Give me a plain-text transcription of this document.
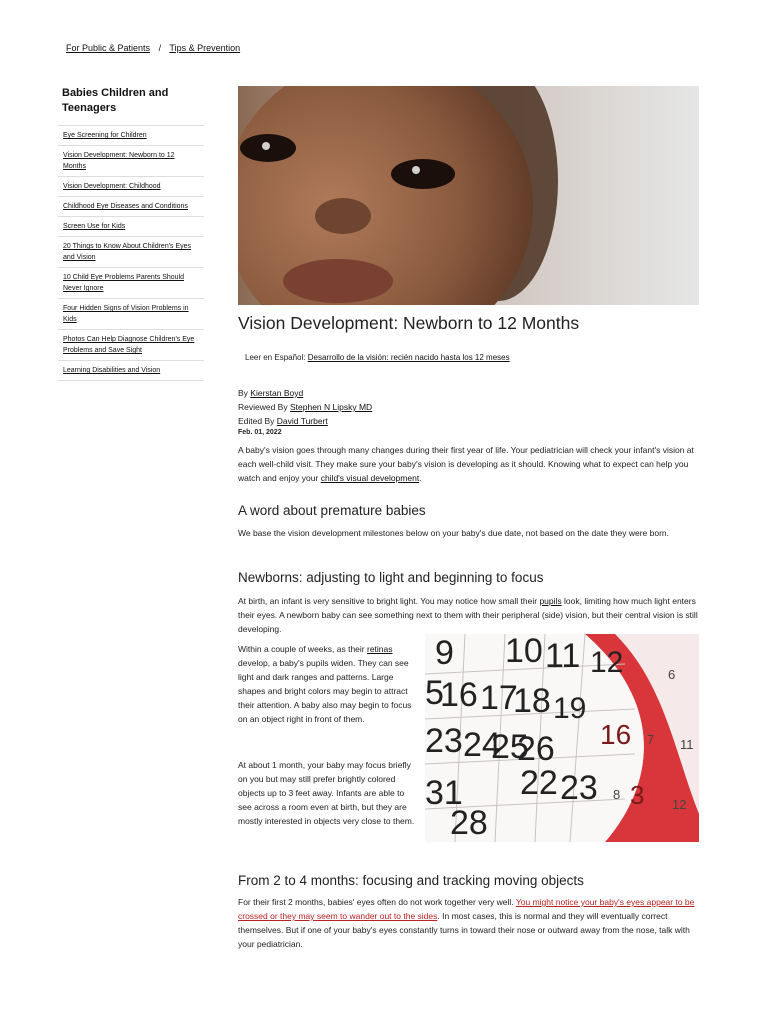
For Public & Patients / Tips & Prevention
Babies Children and Teenagers
Eye Screening for Children
Vision Development: Newborn to 12 Months
Vision Development: Childhood
Childhood Eye Diseases and Conditions
Screen Use for Kids
20 Things to Know About Children's Eyes and Vision
10 Child Eye Problems Parents Should Never Ignore
Four Hidden Signs of Vision Problems in Kids
Photos Can Help Diagnose Children's Eye Problems and Save Sight
Learning Disabilities and Vision
Vision Development: Newborn to 12 Months
Leer en Español: Desarrollo de la visión: recién nacido hasta los 12 meses
By Kierstan Boyd
Reviewed By Stephen N Lipsky MD
Edited By David Turbert
Feb. 01, 2022

A baby's vision goes through many changes during their first year of life. Your pediatrician will check your infant's vision at each well-child visit. They make sure your baby's vision is developing as it should. Knowing what to expect can help you watch and enjoy your child's visual development.

A word about premature babies

We base the vision development milestones below on your baby's due date, not based on the date they were born.

Newborns: adjusting to light and beginning to focus

At birth, an infant is very sensitive to bright light. You may notice how small their pupils look, limiting how much light enters their eyes. A newborn baby can see something next to them with their peripheral (side) vision, but their central vision is still developing.

Within a couple of weeks, as their retinas develop, a baby's pupils widen. They can see light and dark ranges and patterns. Large shapes and bright colors may begin to attract their attention. A baby also may begin to focus on an object right in front of them.

At about 1 month, your baby may focus briefly on you but may still prefer brightly colored objects up to 3 feet away. Infants are able to see across a room even at birth, but they are mostly interested in objects very close to them.

9 10 11 12
5
16 17
18 19
23 24
25
26
31 22 23
28
16
3
6
11
7
12
8
From 2 to 4 months: focusing and tracking moving objects

For their first 2 months, babies' eyes often do not work together very well. You might notice your baby's eyes appear to be crossed or they may seem to wander out to the sides. In most cases, this is normal and they will eventually correct themselves. But if one of your baby's eyes constantly turns in toward their nose or outward away from the nose, talk with your pediatrician.
